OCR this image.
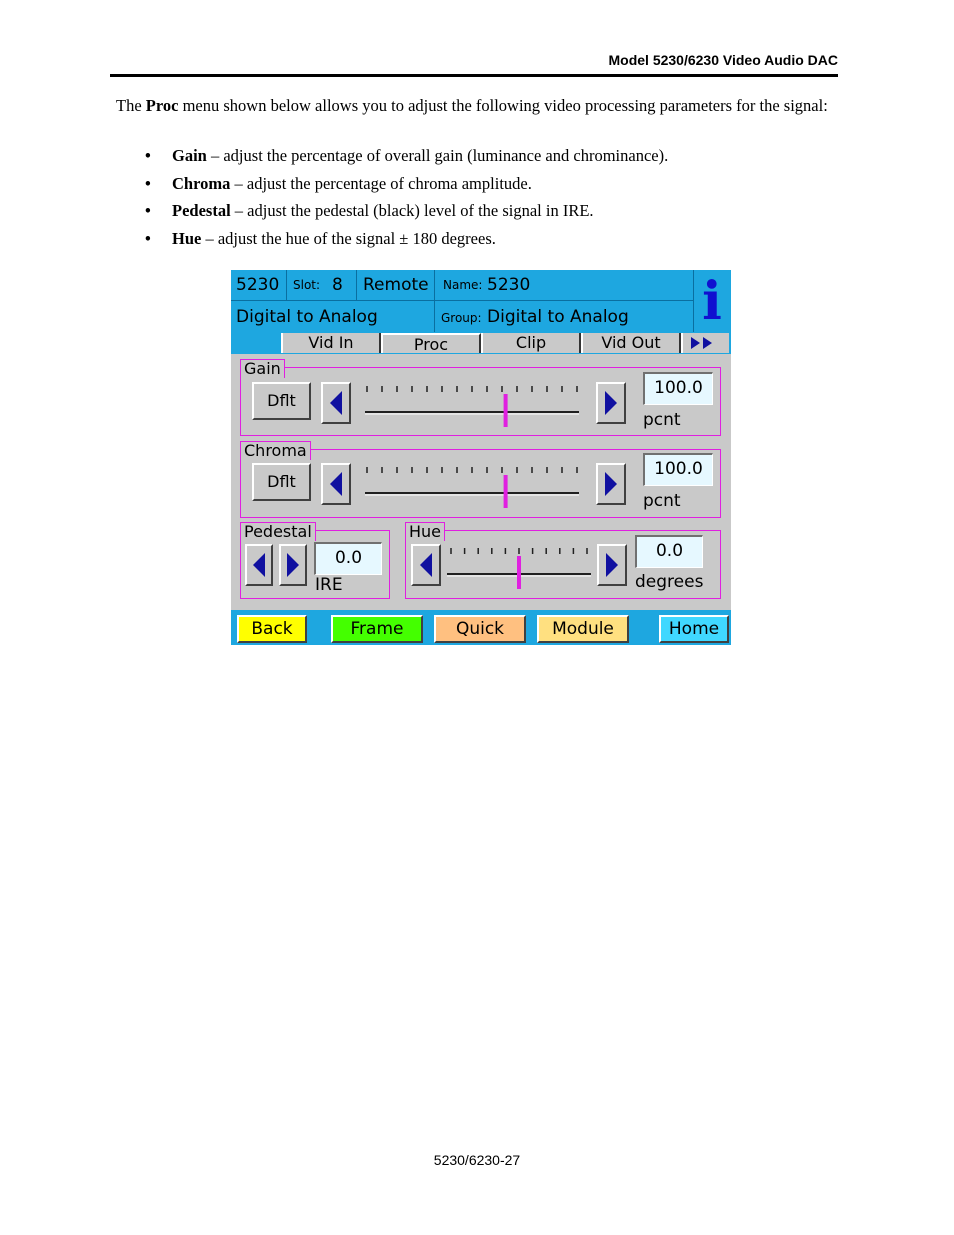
Model 5230/6230 Video Audio DAC

The Proc menu shown below allows you to adjust the following video processing parameters for the signal:

• Gain – adjust the percentage of overall gain (luminance and chrominance).
• Chroma – adjust the percentage of chroma amplitude.
• Pedestal – adjust the pedestal (black) level of the signal in IRE.
• Hue – adjust the hue of the signal ± 180 degrees.
5230 Slot: 8 Remote Name: 5230
Digital to Analog	Group: Digital to Analog i
Vid In	Proc	Clip	Vid Out
Gain
Dflt
100.0
pcnt
Chroma
Dflt
100.0
pcnt
Pedestal
0.0
IRE
Hue
0.0
degrees
Back	Frame	Quick	Module	Home
5230/6230-27
